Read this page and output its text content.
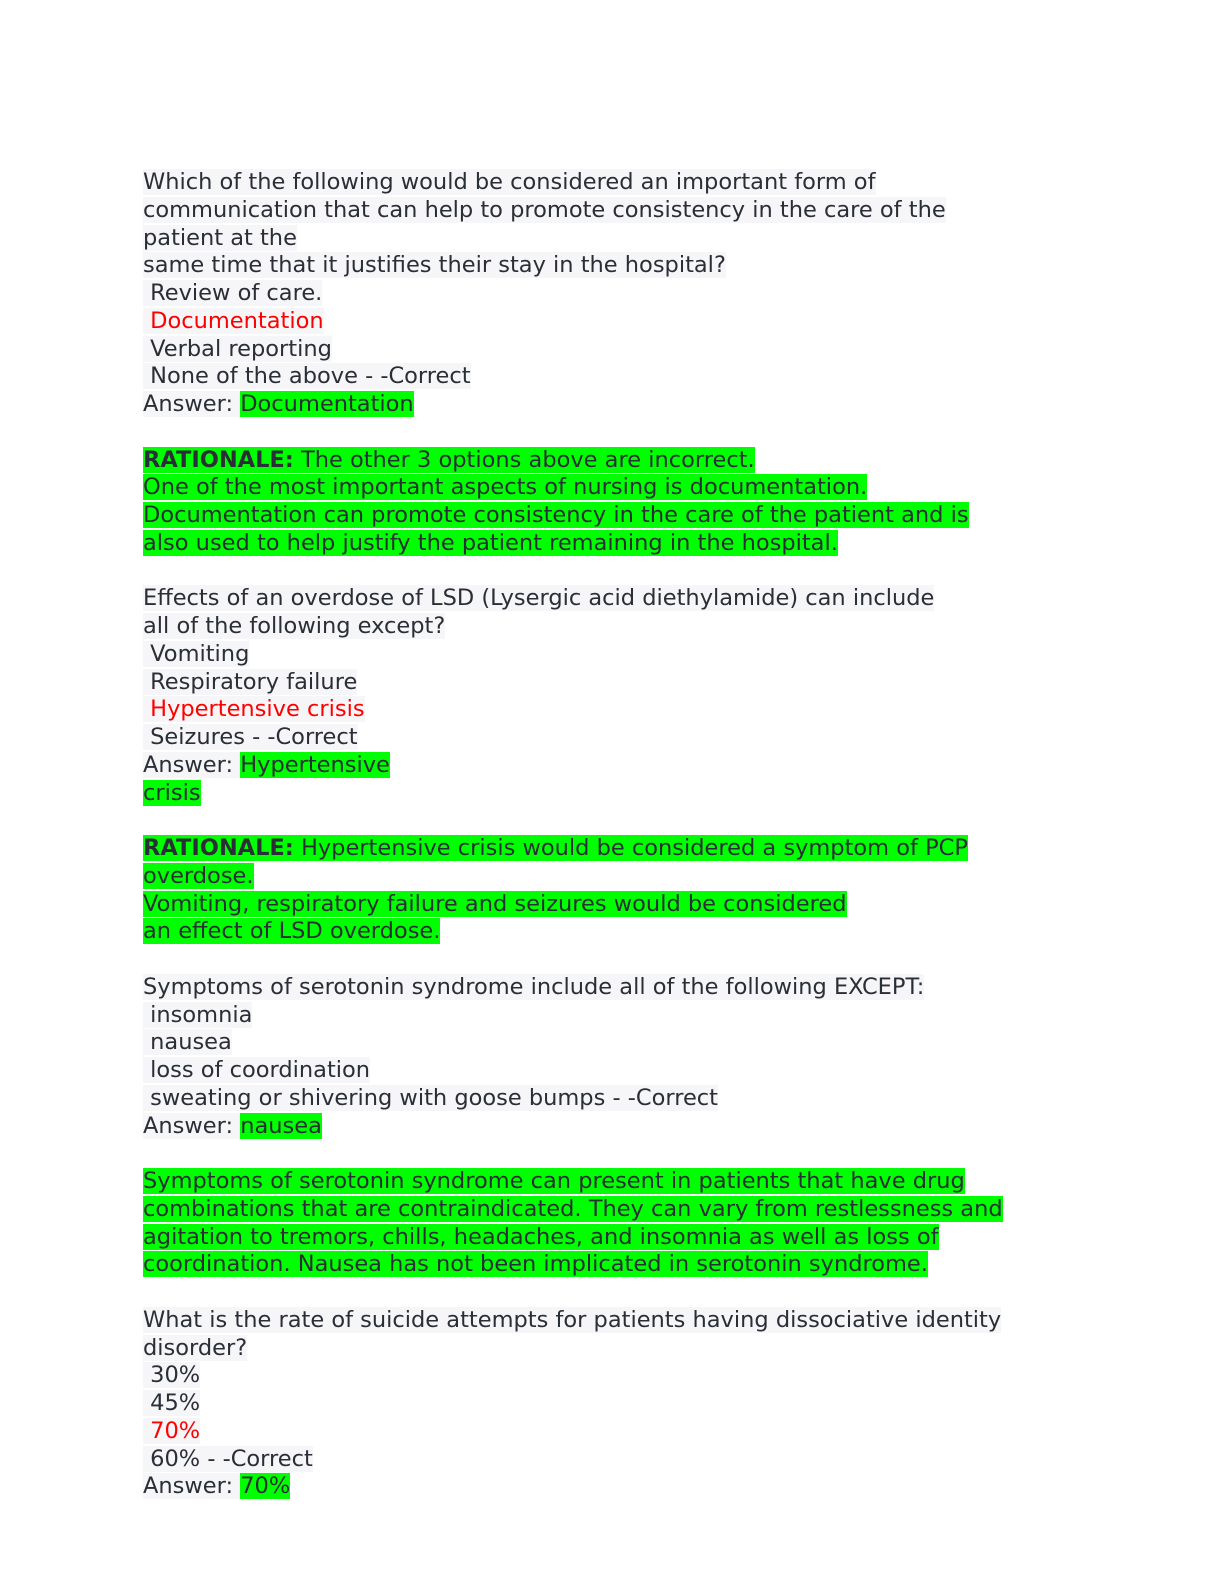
Which of the following would be considered an important form of
communication that can help to promote consistency in the care of the
patient at the
same time that it justifies their stay in the hospital?
Review of care.
Documentation
Verbal reporting
None of the above - -Correct
Answer: Documentation
RATIONALE: The other 3 options above are incorrect.
One of the most important aspects of nursing is documentation.
Documentation can promote consistency in the care of the patient and is
also used to help justify the patient remaining in the hospital.
Effects of an overdose of LSD (Lysergic acid diethylamide) can include
all of the following except?
Vomiting
Respiratory failure
Hypertensive crisis
Seizures - -Correct
Answer: Hypertensive
crisis
RATIONALE: Hypertensive crisis would be considered a symptom of PCP
overdose.
Vomiting, respiratory failure and seizures would be considered
an effect of LSD overdose.
Symptoms of serotonin syndrome include all of the following EXCEPT:
insomnia
nausea
loss of coordination
sweating or shivering with goose bumps - -Correct
Answer: nausea
Symptoms of serotonin syndrome can present in patients that have drug
combinations that are contraindicated. They can vary from restlessness and
agitation to tremors, chills, headaches, and insomnia as well as loss of
coordination. Nausea has not been implicated in serotonin syndrome.
What is the rate of suicide attempts for patients having dissociative identity
disorder?
30%
45%
70%
60% - -Correct
Answer: 70%
